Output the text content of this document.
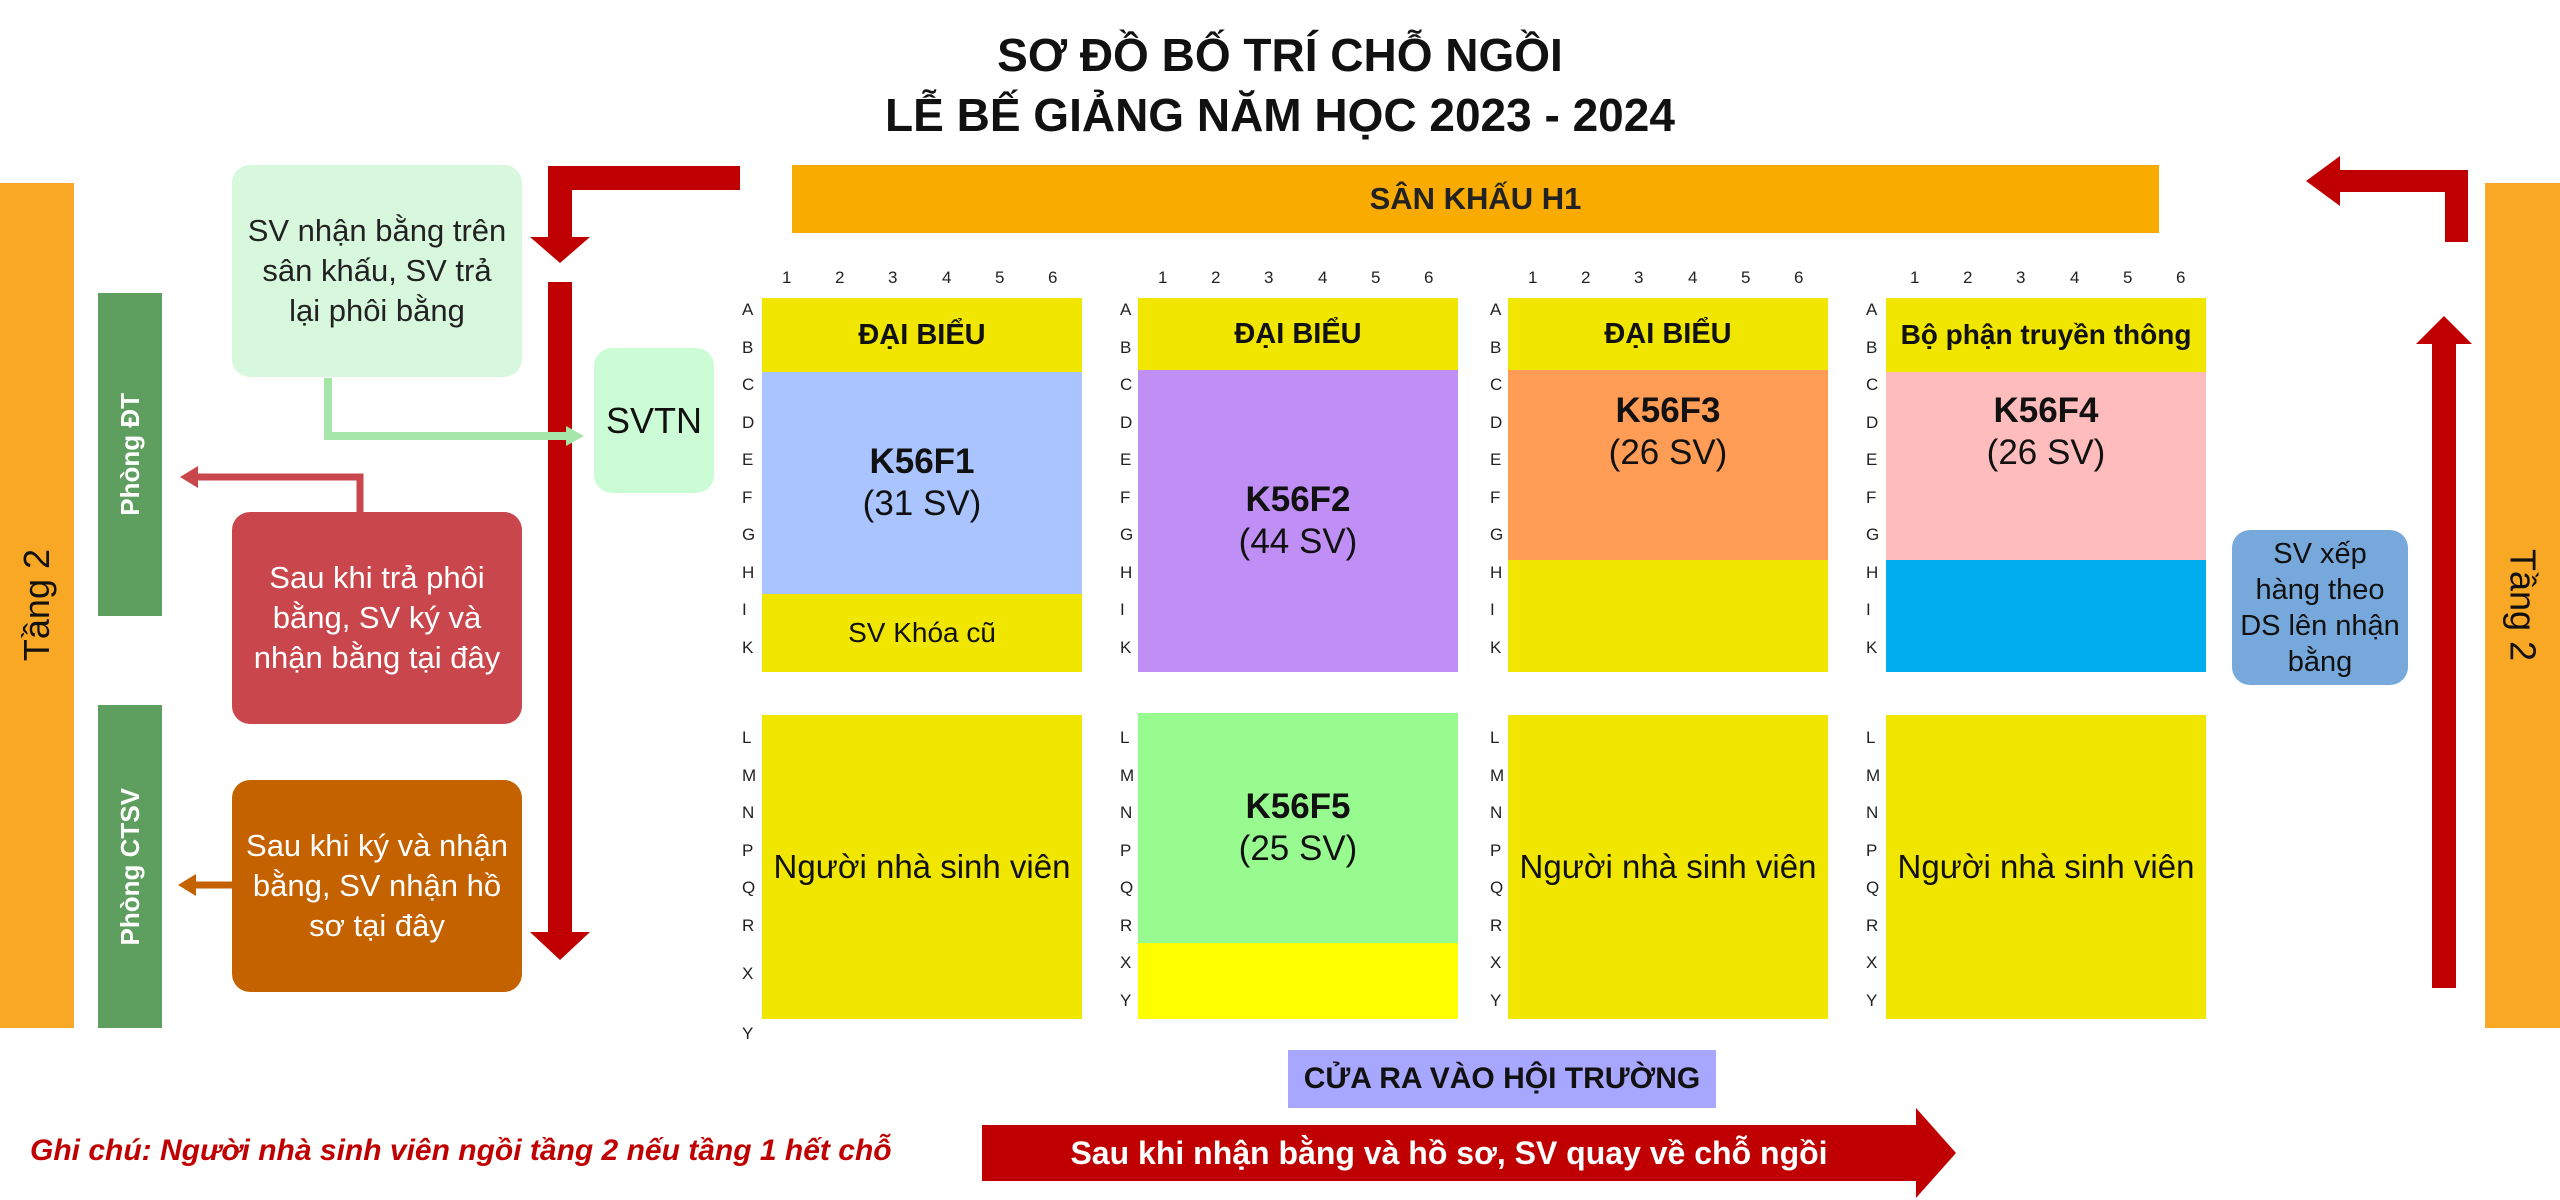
SƠ ĐỒ BỐ TRÍ CHỖ NGỒI
LỄ BẾ GIẢNG NĂM HỌC 2023 - 2024
Tầng 2	Tầng 2
Phòng ĐT
Phòng CTSV
SV nhận bằng trên sân khấu, SV trả lại phôi bằng
Sau khi trả phôi bằng, SV ký và nhận bằng tại đây
Sau khi ký và nhận bằng, SV nhận hồ sơ tại đây
SVTN
SV xếp hàng theo DS lên nhận bằng
SÂN KHẤU H1
1	2	3	4	5	6	1	2	3	4	5	6	1	2	3	4	5	6	1	2	3	4	5	6
A
B
C
D
E
F
G
H
I
K
A
B
C
D
E
F
G
H
I
K
A
B
C
D
E
F
G
H
I
K
A
B
C
D
E
F
G
H
I
K
L
M
N
P
Q
R
X
Y
L
M
N
P
Q
R
X
Y
L
M
N
P
Q
R
X
Y
L
M
N
P
Q
R
X
Y
ĐẠI BIỂU
K56F1
(31 SV)
SV Khóa cũ
ĐẠI BIỂU
K56F2
(44 SV)
ĐẠI BIỂU
K56F3
(26 SV)
Bộ phận truyền thông
K56F4
(26 SV)
Người nhà sinh viên
K56F5
(25 SV)	Người nhà sinh viên	Người nhà sinh viên
CỬA RA VÀO HỘI TRƯỜNG
Sau khi nhận bằng và hồ sơ, SV quay về chỗ ngồi
Ghi chú: Người nhà sinh viên ngồi tầng 2 nếu tầng 1 hết chỗ
